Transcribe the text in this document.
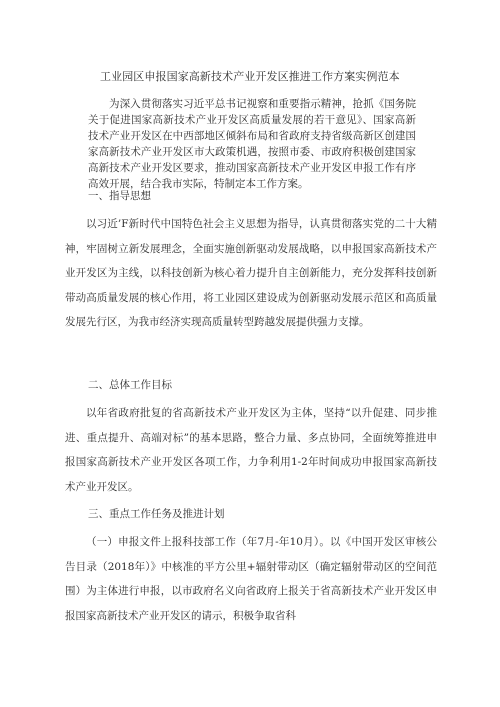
工业园区申报国家高新技术产业开发区推进工作方案实例范本

为深入贯彻落实习近平总书记视察和重要指示精神，抢抓《国务院关于促进国家高新技术产业开发区高质量发展的若干意见》、国家高新技术产业开发区在中西部地区倾斜布局和省政府支持省级高新区创建国家高新技术产业开发区市大政策机遇，按照市委、市政府积极创建国家高新技术产业开发区要求，推动国家高新技术产业开发区申报工作有序高效开展，结合我市实际，特制定本工作方案。

一、指导思想

以习近’F新时代中国特色社会主义思想为指导，认真贯彻落实党的二十大精神，牢固树立新发展理念，全面实施创新驱动发展战略，以申报国家高新技术产业开发区为主线，以科技创新为核心着力提升自主创新能力，充分发挥科技创新带动高质量发展的核心作用，将工业园区建设成为创新驱动发展示范区和高质量发展先行区，为我市经济实现高质量转型跨越发展提供强力支撑。

二、总体工作目标

以年省政府批复的省高新技术产业开发区为主体，坚持“以升促建、同步推进、重点提升、高端对标”的基本思路，整合力量、多点协同，全面统筹推进申报国家高新技术产业开发区各项工作，力争利用1-2年时间成功申报国家高新技术产业开发区。

三、重点工作任务及推进计划

（一）申报文件上报科技部工作（年7月-年10月）。以《中国开发区审核公告目录（2018年）》中核准的平方公里+辐射带动区（确定辐射带动区的空间范围）为主体进行申报，以市政府名义向省政府上报关于省高新技术产业开发区申报国家高新技术产业开发区的请示，积极争取省科
